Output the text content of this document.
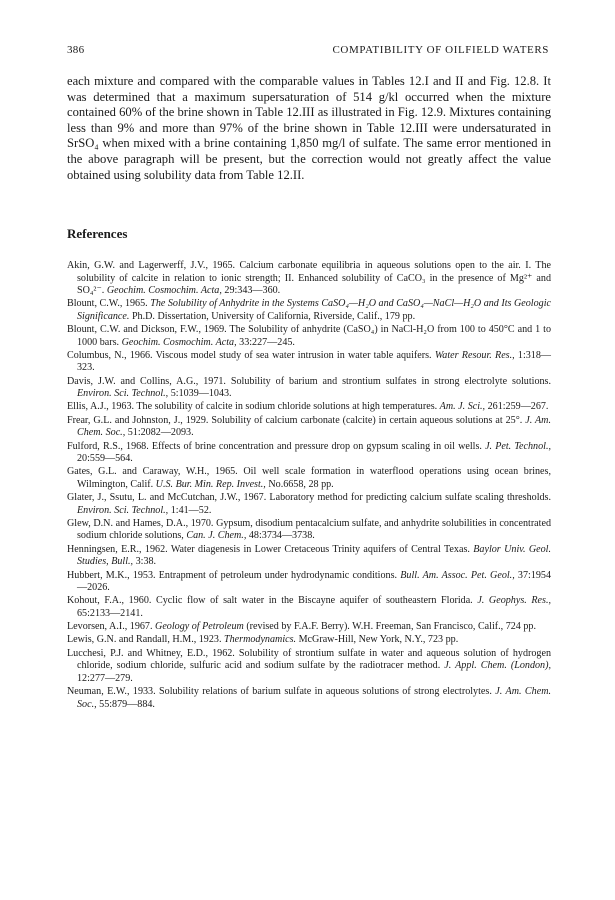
386	COMPATIBILITY OF OILFIELD WATERS

each mixture and compared with the comparable values in Tables 12.I and II and Fig. 12.8. It was determined that a maximum supersaturation of 514 g/kl occurred when the mixture contained 60% of the brine shown in Table 12.III as illustrated in Fig. 12.9. Mixtures containing less than 9% and more than 97% of the brine shown in Table 12.III were undersaturated in SrSO₄ when mixed with a brine containing 1,850 mg/l of sulfate. The same error mentioned in the above paragraph will be present, but the correction would not greatly affect the value obtained using solubility data from Table 12.II.

References
Akin, G.W. and Lagerwerff, J.V., 1965. Calcium carbonate equilibria in aqueous solutions open to the air. I. The solubility of calcite in relation to ionic strength; II. Enhanced solubility of CaCO₃ in the presence of Mg²⁺ and SO₄²⁻. Geochim. Cosmochim. Acta, 29:343—360.
Blount, C.W., 1965. The Solubility of Anhydrite in the Systems CaSO₄—H₂O and CaSO₄—NaCl—H₂O and Its Geologic Significance. Ph.D. Dissertation, University of California, Riverside, Calif., 179 pp.
Blount, C.W. and Dickson, F.W., 1969. The Solubility of anhydrite (CaSO₄) in NaCl-H₂O from 100 to 450°C and 1 to 1000 bars. Geochim. Cosmochim. Acta, 33:227—245.
Columbus, N., 1966. Viscous model study of sea water intrusion in water table aquifers. Water Resour. Res., 1:318—323.
Davis, J.W. and Collins, A.G., 1971. Solubility of barium and strontium sulfates in strong electrolyte solutions. Environ. Sci. Technol., 5:1039—1043.
Ellis, A.J., 1963. The solubility of calcite in sodium chloride solutions at high temperatures. Am. J. Sci., 261:259—267.
Frear, G.L. and Johnston, J., 1929. Solubility of calcium carbonate (calcite) in certain aqueous solutions at 25°. J. Am. Chem. Soc., 51:2082—2093.
Fulford, R.S., 1968. Effects of brine concentration and pressure drop on gypsum scaling in oil wells. J. Pet. Technol., 20:559—564.
Gates, G.L. and Caraway, W.H., 1965. Oil well scale formation in waterflood operations using ocean brines, Wilmington, Calif. U.S. Bur. Min. Rep. Invest., No.6658, 28 pp.
Glater, J., Ssutu, L. and McCutchan, J.W., 1967. Laboratory method for predicting calcium sulfate scaling thresholds. Environ. Sci. Technol., 1:41—52.
Glew, D.N. and Hames, D.A., 1970. Gypsum, disodium pentacalcium sulfate, and anhydrite solubilities in concentrated sodium chloride solutions, Can. J. Chem., 48:3734—3738.
Henningsen, E.R., 1962. Water diagenesis in Lower Cretaceous Trinity aquifers of Central Texas. Baylor Univ. Geol. Studies, Bull., 3:38.
Hubbert, M.K., 1953. Entrapment of petroleum under hydrodynamic conditions. Bull. Am. Assoc. Pet. Geol., 37:1954—2026.
Kohout, F.A., 1960. Cyclic flow of salt water in the Biscayne aquifer of southeastern Florida. J. Geophys. Res., 65:2133—2141.
Levorsen, A.I., 1967. Geology of Petroleum (revised by F.A.F. Berry). W.H. Freeman, San Francisco, Calif., 724 pp.
Lewis, G.N. and Randall, H.M., 1923. Thermodynamics. McGraw-Hill, New York, N.Y., 723 pp.
Lucchesi, P.J. and Whitney, E.D., 1962. Solubility of strontium sulfate in water and aqueous solution of hydrogen chloride, sodium chloride, sulfuric acid and sodium sulfate by the radiotracer method. J. Appl. Chem. (London), 12:277—279.
Neuman, E.W., 1933. Solubility relations of barium sulfate in aqueous solutions of strong electrolytes. J. Am. Chem. Soc., 55:879—884.
